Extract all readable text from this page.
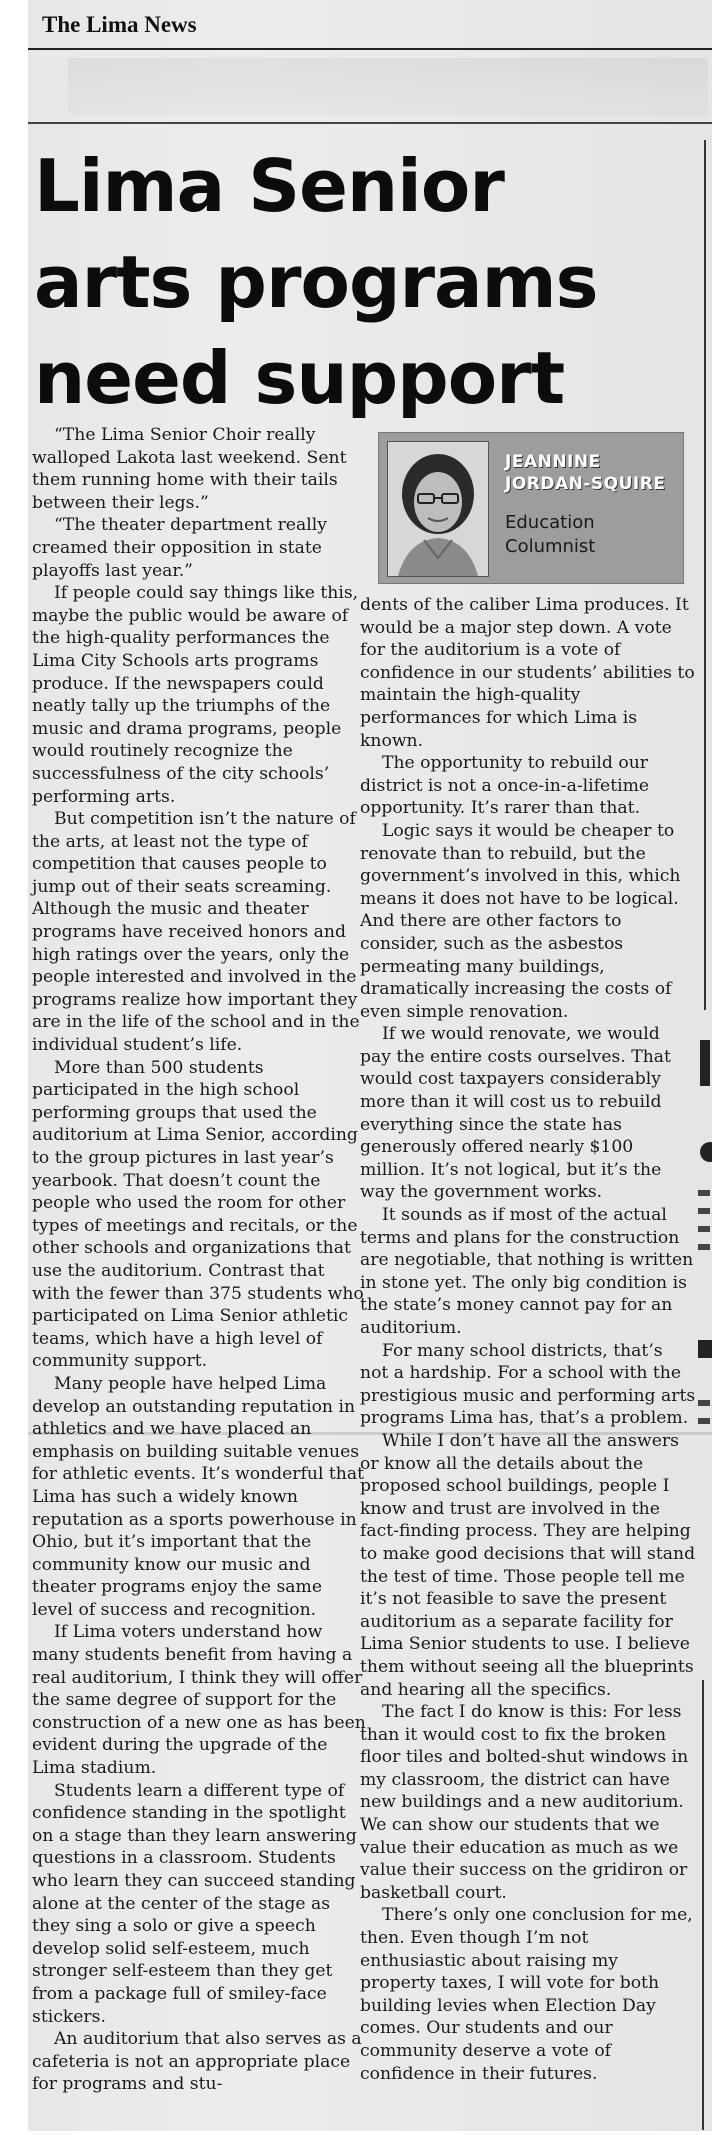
The Lima News
Lima Senior
arts programs
need support
JEANNINE
JORDAN-SQUIRE
Education
Columnist

“The Lima Senior Choir really walloped Lakota last weekend. Sent them running home with their tails between their legs.”

“The theater department really creamed their opposition in state playoffs last year.”

If people could say things like this, maybe the public would be aware of the high-quality performances the Lima City Schools arts programs produce. If the newspapers could neatly tally up the triumphs of the music and drama programs, people would routinely recognize the successfulness of the city schools’ performing arts.

But competition isn’t the nature of the arts, at least not the type of competition that causes people to jump out of their seats screaming. Although the music and theater programs have received honors and high ratings over the years, only the people interested and involved in the programs realize how important they are in the life of the school and in the individual student’s life.

More than 500 students participated in the high school performing groups that used the auditorium at Lima Senior, according to the group pictures in last year’s yearbook. That doesn’t count the people who used the room for other types of meetings and recitals, or the other schools and organizations that use the auditorium. Contrast that with the fewer than 375 students who participated on Lima Senior athletic teams, which have a high level of community support.

Many people have helped Lima develop an outstanding reputation in athletics and we have placed an emphasis on building suitable venues for athletic events. It’s wonderful that Lima has such a widely known reputation as a sports powerhouse in Ohio, but it’s important that the community know our music and theater programs enjoy the same level of success and recognition.

If Lima voters understand how many students benefit from having a real auditorium, I think they will offer the same degree of support for the construction of a new one as has been evident during the upgrade of the Lima stadium.

Students learn a different type of confidence standing in the spotlight on a stage than they learn answering questions in a classroom. Students who learn they can succeed standing alone at the center of the stage as they sing a solo or give a speech develop solid self-esteem, much stronger self-esteem than they get from a package full of smiley-face stickers.

An auditorium that also serves as a cafeteria is not an appropriate place for programs and stu-

dents of the caliber Lima produces. It would be a major step down. A vote for the auditorium is a vote of confidence in our students’ abilities to maintain the high-quality performances for which Lima is known.

The opportunity to rebuild our district is not a once-in-a-lifetime opportunity. It’s rarer than that.

Logic says it would be cheaper to renovate than to rebuild, but the government’s involved in this, which means it does not have to be logical. And there are other factors to consider, such as the asbestos permeating many buildings, dramatically increasing the costs of even simple renovation.

If we would renovate, we would pay the entire costs ourselves. That would cost taxpayers considerably more than it will cost us to rebuild everything since the state has generously offered nearly $100 million. It’s not logical, but it’s the way the government works.

It sounds as if most of the actual terms and plans for the construction are negotiable, that nothing is written in stone yet. The only big condition is the state’s money cannot pay for an auditorium.

For many school districts, that’s not a hardship. For a school with the prestigious music and performing arts programs Lima has, that’s a problem.

While I don’t have all the answers or know all the details about the proposed school buildings, people I know and trust are involved in the fact-finding process. They are helping to make good decisions that will stand the test of time. Those people tell me it’s not feasible to save the present auditorium as a separate facility for Lima Senior students to use. I believe them without seeing all the blueprints and hearing all the specifics.

The fact I do know is this: For less than it would cost to fix the broken floor tiles and bolted-shut windows in my classroom, the district can have new buildings and a new auditorium. We can show our students that we value their education as much as we value their success on the gridiron or basketball court.

There’s only one conclusion for me, then. Even though I’m not enthusiastic about raising my property taxes, I will vote for both building levies when Election Day comes. Our students and our community deserve a vote of confidence in their futures.
